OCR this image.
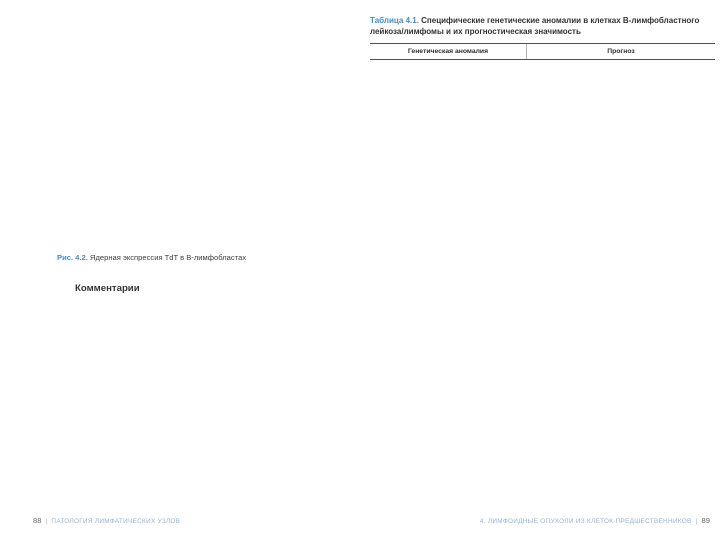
Рис. 4.2. Ядерная экспрессия TdT в В-лимфобластах
Комментарии

Таблица 4.1. Специфические генетические аномалии в клетках В-лимфобластного лейкоза/лимфомы и их прогностическая значимость

Генетическая аномалия	Прогноз
88 | ПАТОЛОГИЯ ЛИМФАТИЧЕСКИХ УЗЛОВ	4. ЛИМФОИДНЫЕ ОПУХОЛИ ИЗ КЛЕТОК-ПРЕДШЕСТВЕННИКОВ | 89
